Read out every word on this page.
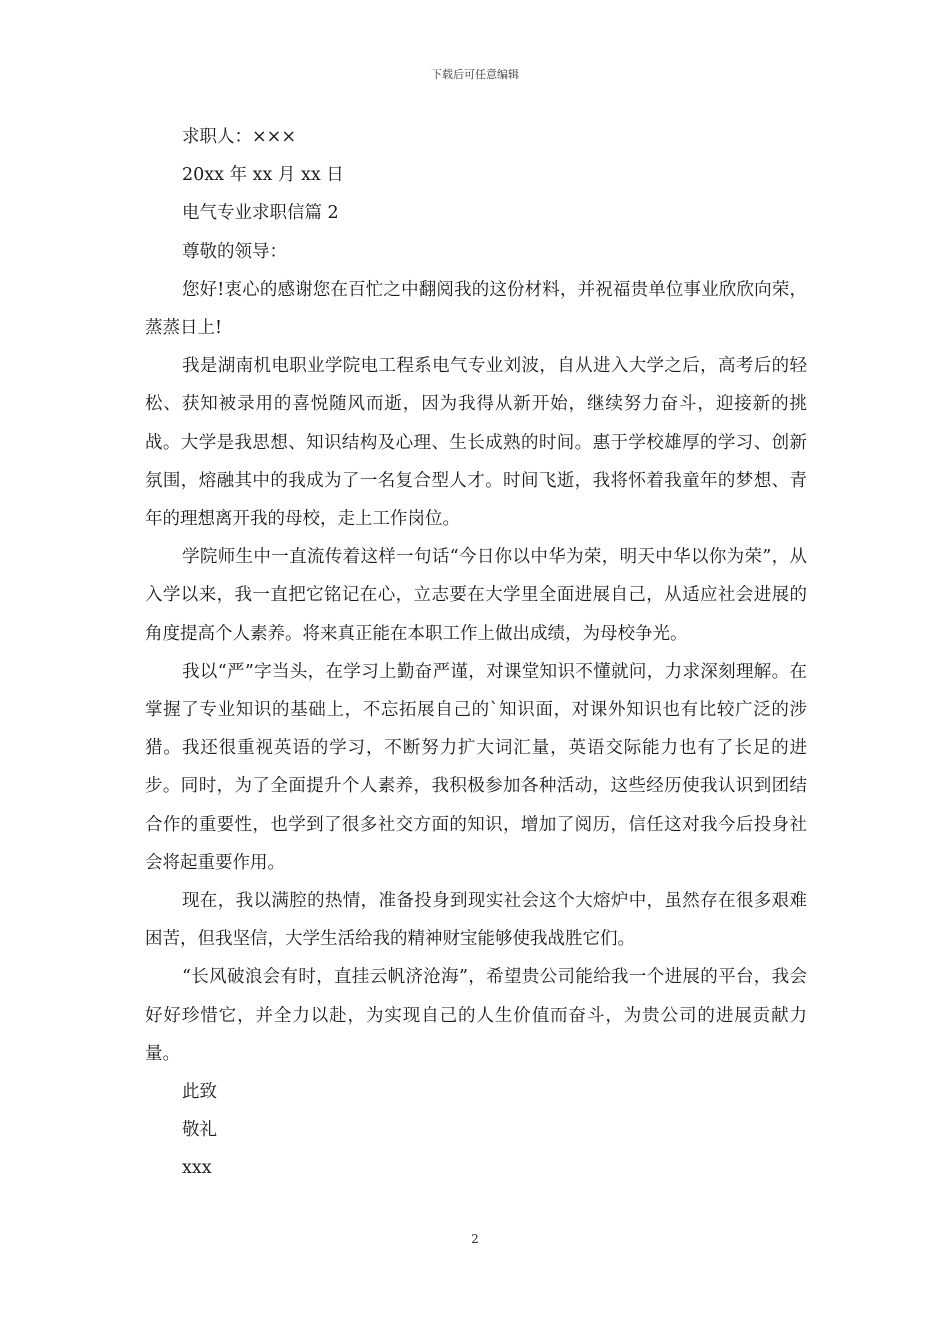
下载后可任意编辑
求职人：×××
20xx 年 xx 月 xx 日
电气专业求职信篇 2
尊敬的领导：

您好!衷心的感谢您在百忙之中翻阅我的这份材料，并祝福贵单位事业欣欣向荣，蒸蒸日上!

我是湖南机电职业学院电工程系电气专业刘波，自从进入大学之后，高考后的轻松、获知被录用的喜悦随风而逝，因为我得从新开始，继续努力奋斗，迎接新的挑战。大学是我思想、知识结构及心理、生长成熟的时间。惠于学校雄厚的学习、创新氛围，熔融其中的我成为了一名复合型人才。时间飞逝，我将怀着我童年的梦想、青年的理想离开我的母校，走上工作岗位。

学院师生中一直流传着这样一句话“今日你以中华为荣，明天中华以你为荣”，从入学以来，我一直把它铭记在心，立志要在大学里全面进展自己，从适应社会进展的角度提高个人素养。将来真正能在本职工作上做出成绩，为母校争光。

我以“严”字当头，在学习上勤奋严谨，对课堂知识不懂就问，力求深刻理解。在掌握了专业知识的基础上，不忘拓展自己的`知识面，对课外知识也有比较广泛的涉猎。我还很重视英语的学习，不断努力扩大词汇量，英语交际能力也有了长足的进步。同时，为了全面提升个人素养，我积极参加各种活动，这些经历使我认识到团结合作的重要性，也学到了很多社交方面的知识，增加了阅历，信任这对我今后投身社会将起重要作用。

现在，我以满腔的热情，准备投身到现实社会这个大熔炉中，虽然存在很多艰难困苦，但我坚信，大学生活给我的精神财宝能够使我战胜它们。

“长风破浪会有时，直挂云帆济沧海”，希望贵公司能给我一个进展的平台，我会好好珍惜它，并全力以赴，为实现自己的人生价值而奋斗，为贵公司的进展贡献力量。

此致
敬礼
xxx
2
